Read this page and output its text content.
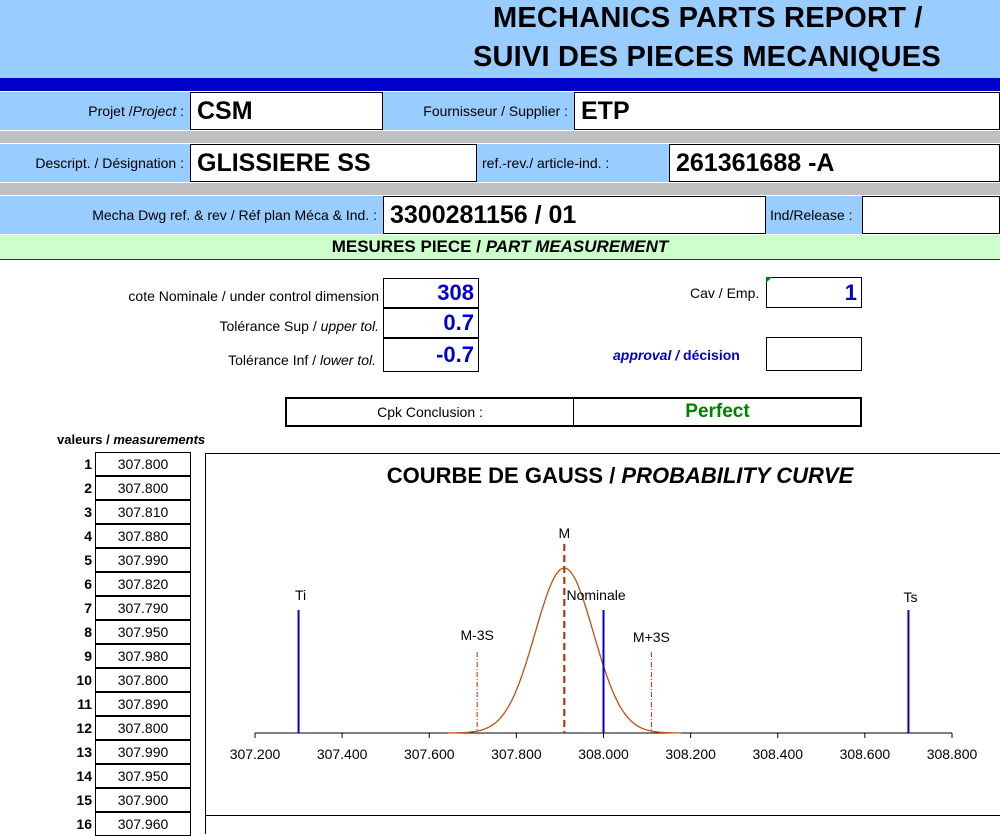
MECHANICS PARTS REPORT /
SUIVI DES PIECES MECANIQUES
Projet / Project : CSM	Fournisseur / Supplier : ETP
Descript. / Désignation : GLISSIERE SS	ref.-rev./ article-ind. :	261361688 -A
Mecha Dwg ref. & rev / Réf plan Méca & Ind. : 3300281156 / 01	Ind/Release :
MESURES PIECE /
PART MEASUREMENT
cote Nominale / under control dimension	308
Tolérance Sup / upper tol.	0.7
Tolérance Inf / lower tol.	-0.7
Cav / Emp.	1
approval / décision
Cpk Conclusion :	Perfect
valeurs / measurements
1	307.800
2	307.800
3	307.810
4	307.880
5	307.990
6	307.820
7	307.790
8	307.950
9	307.980
10	307.800
11	307.890
12	307.800
13	307.990
14	307.950
15	307.900
16	307.960
COURBE DE GAUSS / PROBABILITY CURVE
307.200	307.400	307.600	307.800	308.000	308.200	308.400	308.600	308.800
Ti	Ts
Nominale
M
M-3S	M+3S
